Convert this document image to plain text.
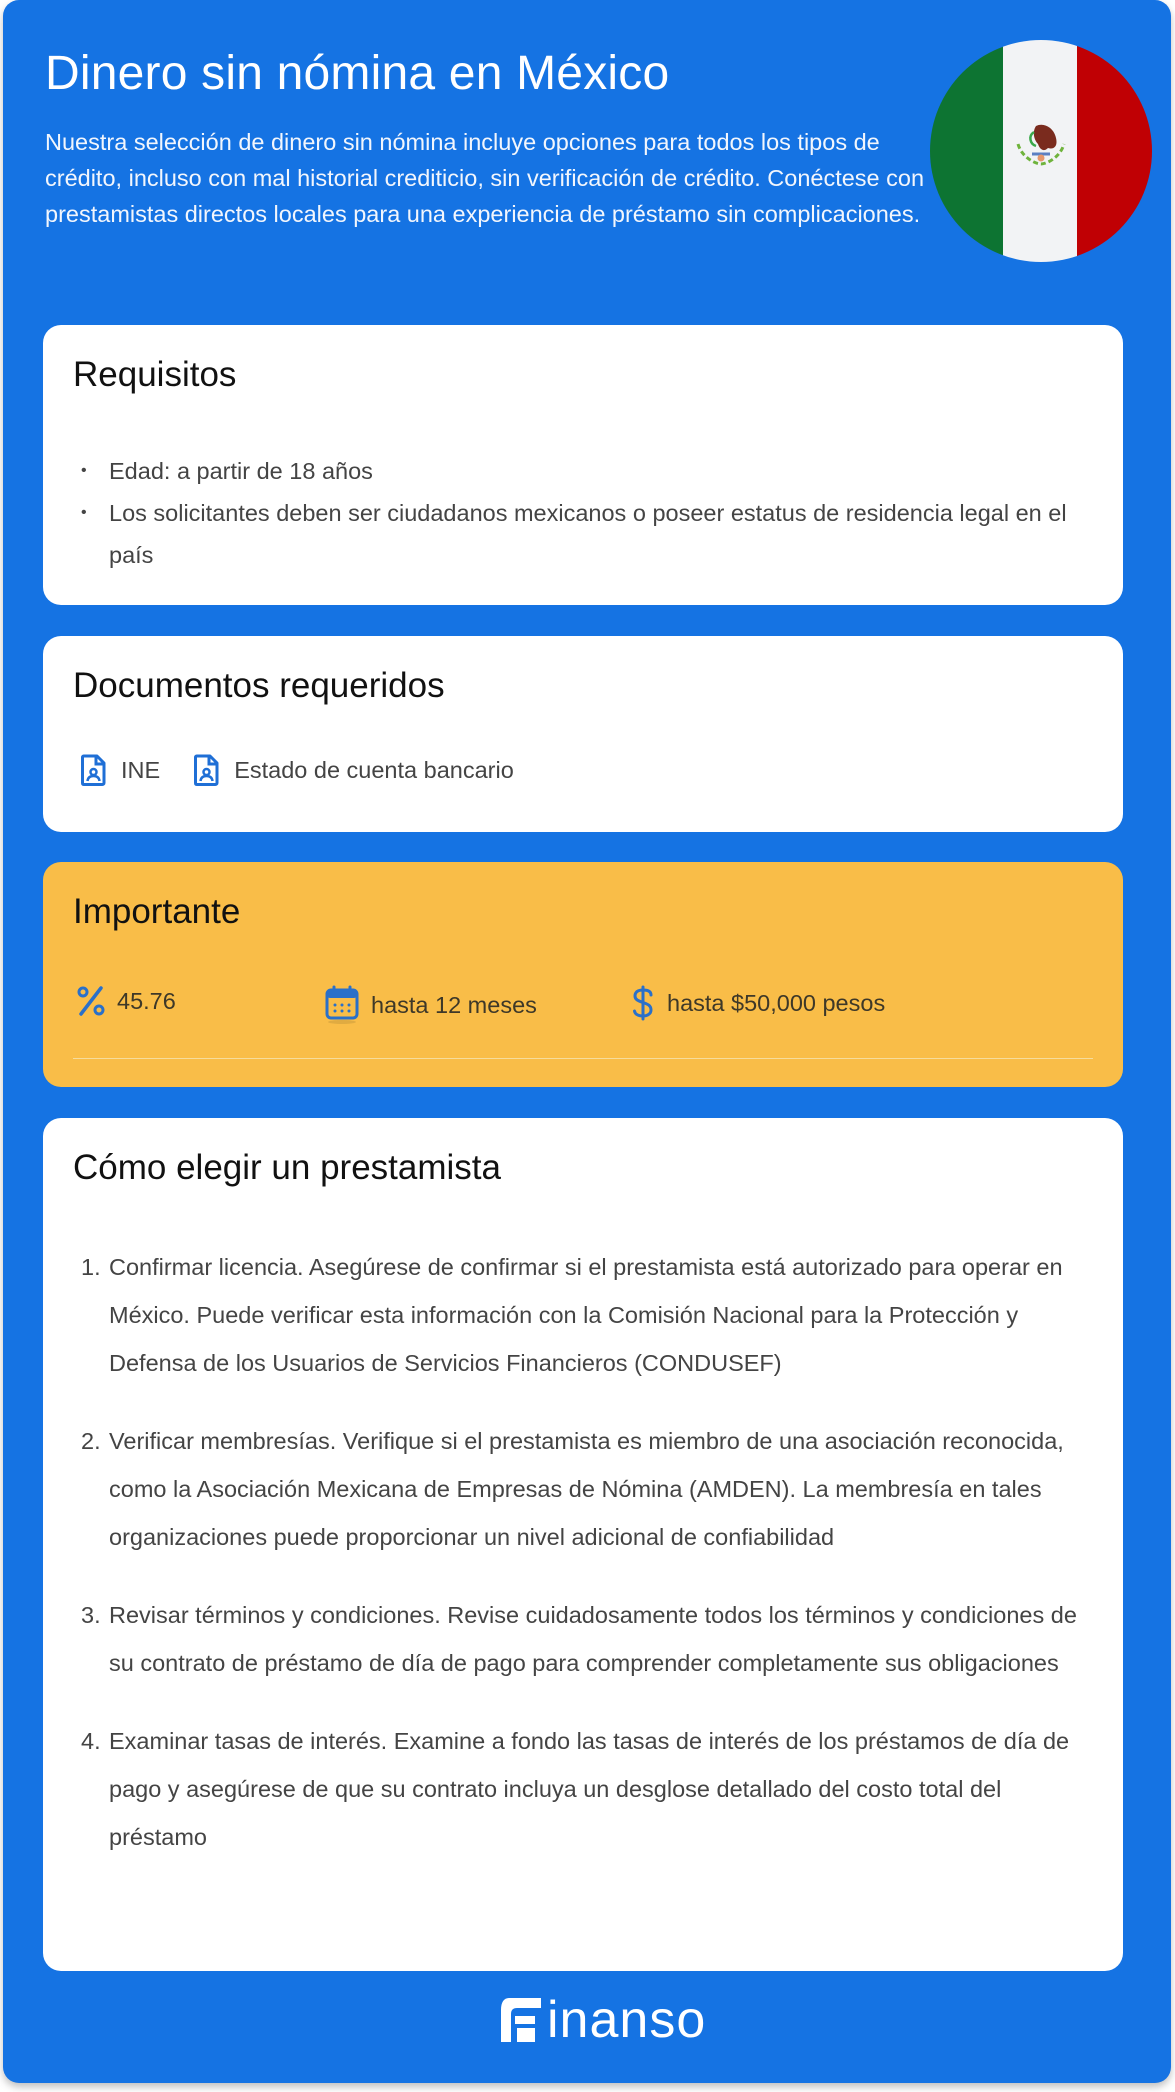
Dinero sin nómina en México

Nuestra selección de dinero sin nómina incluye opciones para todos los tipos de crédito, incluso con mal historial crediticio, sin verificación de crédito. Conéctese con prestamistas directos locales para una experiencia de préstamo sin complicaciones.

Requisitos
• Edad: a partir de 18 años
• Los solicitantes deben ser ciudadanos mexicanos o poseer estatus de residencia legal en el país
Documentos requeridos
INE	Estado de cuenta bancario
Importante
45.76	hasta 12 meses	hasta $50,000 pesos
Cómo elegir un prestamista
1. Confirmar licencia. Asegúrese de confirmar si el prestamista está autorizado para operar en México. Puede verificar esta información con la Comisión Nacional para la Protección y Defensa de los Usuarios de Servicios Financieros (CONDUSEF)
2. Verificar membresías. Verifique si el prestamista es miembro de una asociación reconocida, como la Asociación Mexicana de Empresas de Nómina (AMDEN). La membresía en tales organizaciones puede proporcionar un nivel adicional de confiabilidad
3. Revisar términos y condiciones. Revise cuidadosamente todos los términos y condiciones de su contrato de préstamo de día de pago para comprender completamente sus obligaciones
4. Examinar tasas de interés. Examine a fondo las tasas de interés de los préstamos de día de pago y asegúrese de que su contrato incluya un desglose detallado del costo total del préstamo
inanso
